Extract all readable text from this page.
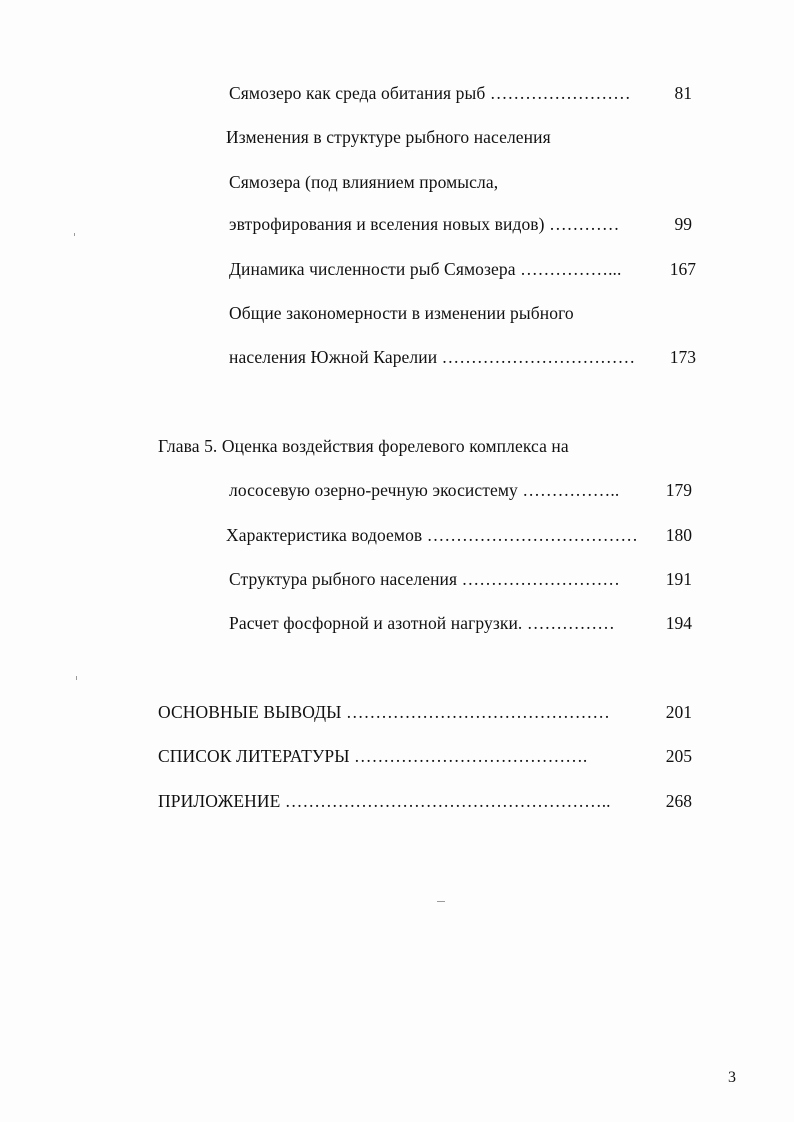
Сямозеро как среда обитания рыб ……………………	81
Изменения в структуре рыбного населения
Сямозера (под влиянием промысла,
эвтрофирования и вселения новых видов) …………	99
Динамика численности рыб Сямозера ……………...	167
Общие закономерности в изменении рыбного
населения Южной Карелии ……………………………	173
Глава 5. Оценка воздействия форелевого комплекса на
лососевую озерно-речную экосистему ……………..	179
Характеристика водоемов ………………………………	180
Структура рыбного населения ………………………	191
Расчет фосфорной и азотной нагрузки. ……………	194
ОСНОВНЫЕ ВЫВОДЫ ………………………………………	201
СПИСОК ЛИТЕРАТУРЫ ………………………………….	205
ПРИЛОЖЕНИЕ ………………………………………………..	268
3
